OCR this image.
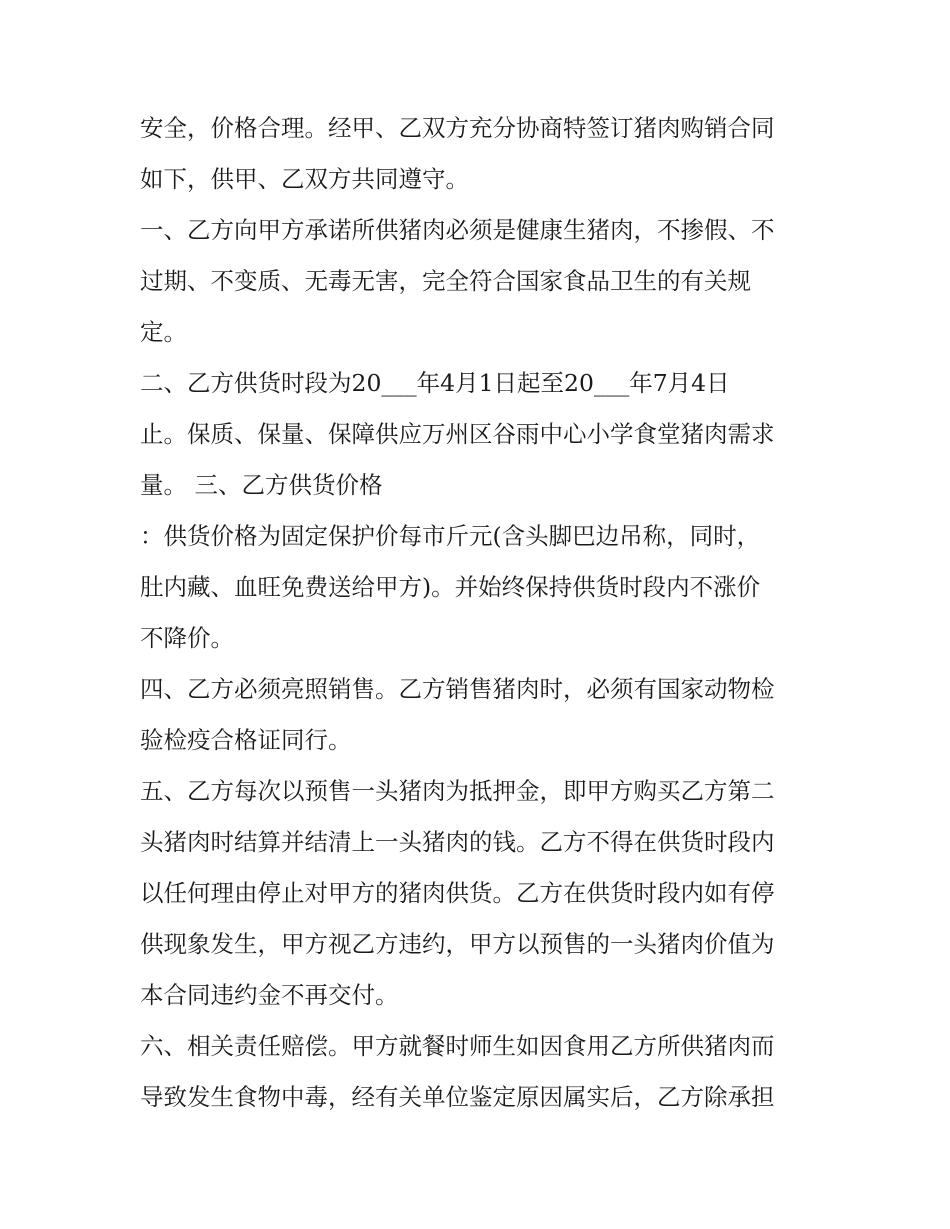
安全，价格合理。经甲、乙双方充分协商特签订猪肉购销合同
如下，供甲、乙双方共同遵守。
一、乙方向甲方承诺所供猪肉必须是健康生猪肉，不掺假、不
过期、不变质、无毒无害，完全符合国家食品卫生的有关规
定。
二、乙方供货时段为20___年4月1日起至20___年7月4日
止。保质、保量、保障供应万州区谷雨中心小学食堂猪肉需求
量。 三、乙方供货价格
：供货价格为固定保护价每市斤元(含头脚巴边吊称，同时，
肚内藏、血旺免费送给甲方)。并始终保持供货时段内不涨价
不降价。
四、乙方必须亮照销售。乙方销售猪肉时，必须有国家动物检
验检疫合格证同行。
五、乙方每次以预售一头猪肉为抵押金，即甲方购买乙方第二
头猪肉时结算并结清上一头猪肉的钱。乙方不得在供货时段内
以任何理由停止对甲方的猪肉供货。乙方在供货时段内如有停
供现象发生，甲方视乙方违约，甲方以预售的一头猪肉价值为
本合同违约金不再交付。
六、相关责任赔偿。甲方就餐时师生如因食用乙方所供猪肉而
导致发生食物中毒，经有关单位鉴定原因属实后，乙方除承担
